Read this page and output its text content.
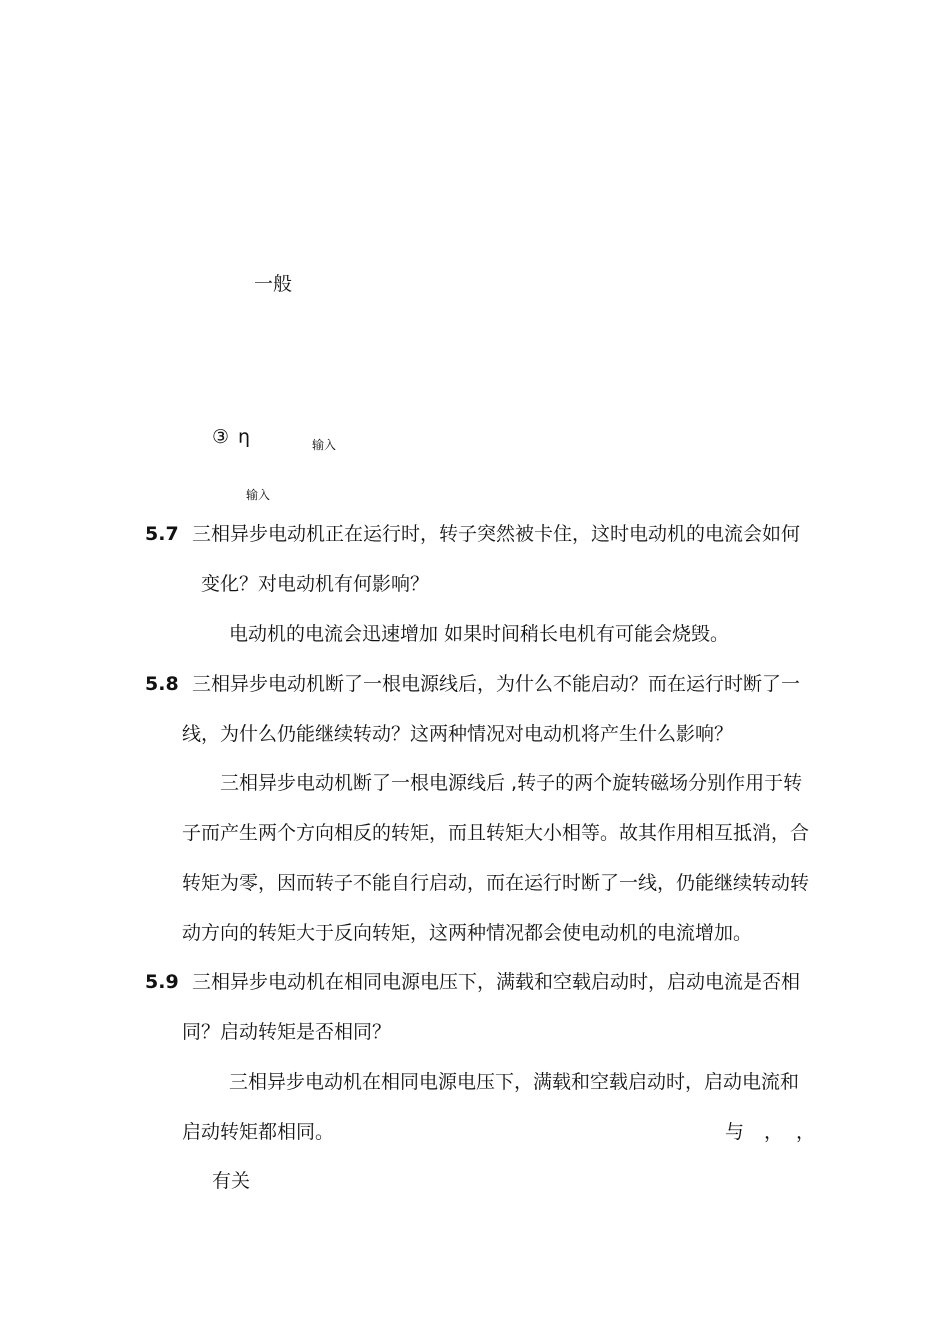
一般
③ η	输入
输入
5.7 三相异步电动机正在运行时，转子突然被卡住，这时电动机的电流会如何
变化？对电动机有何影响？
电动机的电流会迅速增加 如果时间稍长电机有可能会烧毁。
5.8 三相异步电动机断了一根电源线后，为什么不能启动？而在运行时断了一
线，为什么仍能继续转动？这两种情况对电动机将产生什么影响？
三相异步电动机断了一根电源线后 ,转子的两个旋转磁场分别作用于转
子而产生两个方向相反的转矩，而且转矩大小相等。故其作用相互抵消，合
转矩为零，因而转子不能自行启动，而在运行时断了一线，仍能继续转动转
动方向的转矩大于反向转矩，这两种情况都会使电动机的电流增加。
5.9 三相异步电动机在相同电源电压下，满载和空载启动时，启动电流是否相
同？启动转矩是否相同？
三相异步电动机在相同电源电压下，满载和空载启动时，启动电流和
启动转矩都相同。	与 ， ，
有关
